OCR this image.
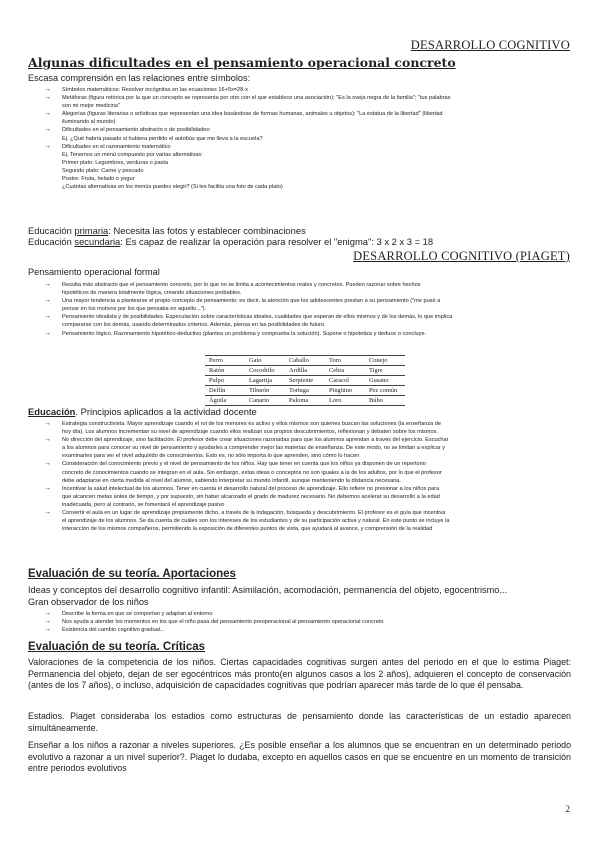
DESARROLLO COGNITIVO
Algunas dificultades en el pensamiento operacional concreto
Escasa comprensión en las relaciones entre símbolos:
→ Símbolos matemáticos: Resolver incógnitas en las ecuaciones 16+5x=28-x
→ Metáforas (figura retórica por la que un concepto se representa por otro con el que establece una asociación): "Es la oveja negra de la familia"; "tus palabras
son mi mejor medicina"
→ Alegorías (figuras literarias o artísticas que representan una idea basándose de formas humanas, animales u objetos): "La estatua de la libertad" (libertad
iluminando al mundo)
→ Dificultades en el pensamiento abstracto o de posibilidades:
Ej. ¿Qué habría pasado si hubiera perdido el autobús que me lleva a la escuela?
→ Dificultades en el razonamiento matemático
Ej. Tenemos un menú compuesto por varias alternativas:
Primer plato: Legumbres, verduras o pasta
Segundo plato: Carne y pescado
Postre: Fruta, helado o yogur
¿Cuántas alternativas en los menús puedes elegir? (Si les facilita una foto de cada plato)
Educación primaria: Necesita las fotos y establecer combinaciones
Educación secundaria: Es capaz de realizar la operación para resolver el "enigma": 3 x 2 x 3 = 18
DESARROLLO COGNITIVO (PIAGET)
Pensamiento operacional formal
→ Resulta más abstracto que el pensamiento concreto, por lo que no se limita a acontecimientos reales y concretos. Pueden razonar sobre hechos
hipotéticos de manera totalmente lógica, creando situaciones probables.
→ Una mayor tendencia a plantearse el propio concepto de pensamiento; es decir, la atención que los adolescentes prestan a su pensamiento ("me pusé a
pensar en los motivos por los que pensaba en aquello...").
→ Pensamiento idealista y de posibilidades. Especulación sobre características ideales, cualidades que esperan de ellos mismos y de los demás, lo que implica
compararse con los demás, usando determinados criterios. Además, piensa en las posibilidades de futuro.
→ Pensamiento lógico. Razonamiento hipotético-deductivo (plantea un problema y comprueba la solución). Supone o hipotetiza y deduce o concluye.
Perro	Gato	Caballo	Toro	Conejo
Ratón	Cocodrilo	Ardilla	Cebra	Tigre
Pulpo	Lagartija	Serpiente	Caracol	Gusano
Delfín	Tiburón	Tortuga	Pingüino	Pez común
Águila	Canario	Paloma	Loro	Búho
Educación. Principios aplicados a la actividad docente
→ Estrategia constructivista. Mayor aprendizaje cuando el rol de los menores es activo y ellos mismos son quienes buscan las soluciones (la enseñanza de
hoy día). Los alumnos incrementan su nivel de aprendizaje cuando ellos realizan sus propios descubrimientos, reflexionan y debaten sobre los mismos.
→ No dirección del aprendizaje, sino facilitación. El profesor debe crear situaciones razonadas para que los alumnos aprendan a través del ejercicio. Escuchar
a los alumnos para conocer su nivel de pensamiento y ayudarles a comprender mejor las materias de enseñanza. De este modo, no se limitan a explicar y
examinarles para ver el nivel adquirido de conocimientos. Esto es, no sólo importa lo que aprenden, sino cómo lo hacen
→ Consideración del conocimiento previo y el nivel de pensamiento de los niños. Hay que tener en cuenta que los niños ya disponen de un repertorio
concreto de conocimientos cuando se integran en el aula. Sin embargo, estas ideas o conceptos no son iguales a la de los adultos, por lo que el profesor
debe adaptarse en cierta medida al nivel del alumno, sabiendo interpretar su mundo infantil, aunque manteniendo la distancia necesaria.
→ Incentivar la salud intelectual de los alumnos. Tener en cuenta el desarrollo natural del proceso de aprendizaje. Ello refiere no presionar a los niños para
que alcancen metas antes de tiempo, y por supuesto, sin haber alcanzado el grado de madurez necesario. No debemos acelerar su desarrollo a la edad
inadecuada, pero al contrario, se fomentará el aprendizaje pasivo
→ Convertir el aula en un lugar de aprendizaje propiamente dicho, a través de la indagación, búsqueda y descubrimiento. El profesor es el guía que incentiva
el aprendizaje de los alumnos. Se da cuenta de cuáles son los intereses de los estudiantes y de su participación activa y natural. En este punto se incluye la
interacción de los mismos compañeros, permitiendo la exposición de diferentes puntos de vista, que ayudará al avance, y comprensión de la realidad
Evaluación de su teoría. Aportaciones
Ideas y conceptos del desarrollo cognitivo infantil: Asimilación, acomodación, permanencia del objeto, egocentrismo...
Gran observador de los niños
→ Describe la forma en que se comportan y adaptan al entorno
→ Nos ayuda a atender los momentos en los que el niño pasa del pensamiento preoperacional al pensamiento operacional concreto
→ Existencia del cambio cognitivo gradual...
Evaluación de su teoría. Críticas
Valoraciones de la competencia de los niños. Ciertas capacidades cognitivas surgen antes del periodo en el que lo estima Piaget: Permanencia del objeto, dejan de ser egocéntricos más pronto(en algunos casos a los 2 años), adquieren el concepto de conservación (antes de los 7 años), o incluso, adquisición de capacidades cognitivas que podrían aparecer más tarde de lo que él pensaba.
Estadios. Piaget consideraba los estadios como estructuras de pensamiento donde las características de un estadio aparecen simultáneamente.
Enseñar a los niños a razonar a niveles superiores. ¿Es posible enseñar a los alumnos que se encuentran en un determinado periodo evolutivo a razonar a un nivel superior?. Piaget lo dudaba, excepto en aquellos casos en que se encuentre en un momento de transición entre periodos evolutivos
2
